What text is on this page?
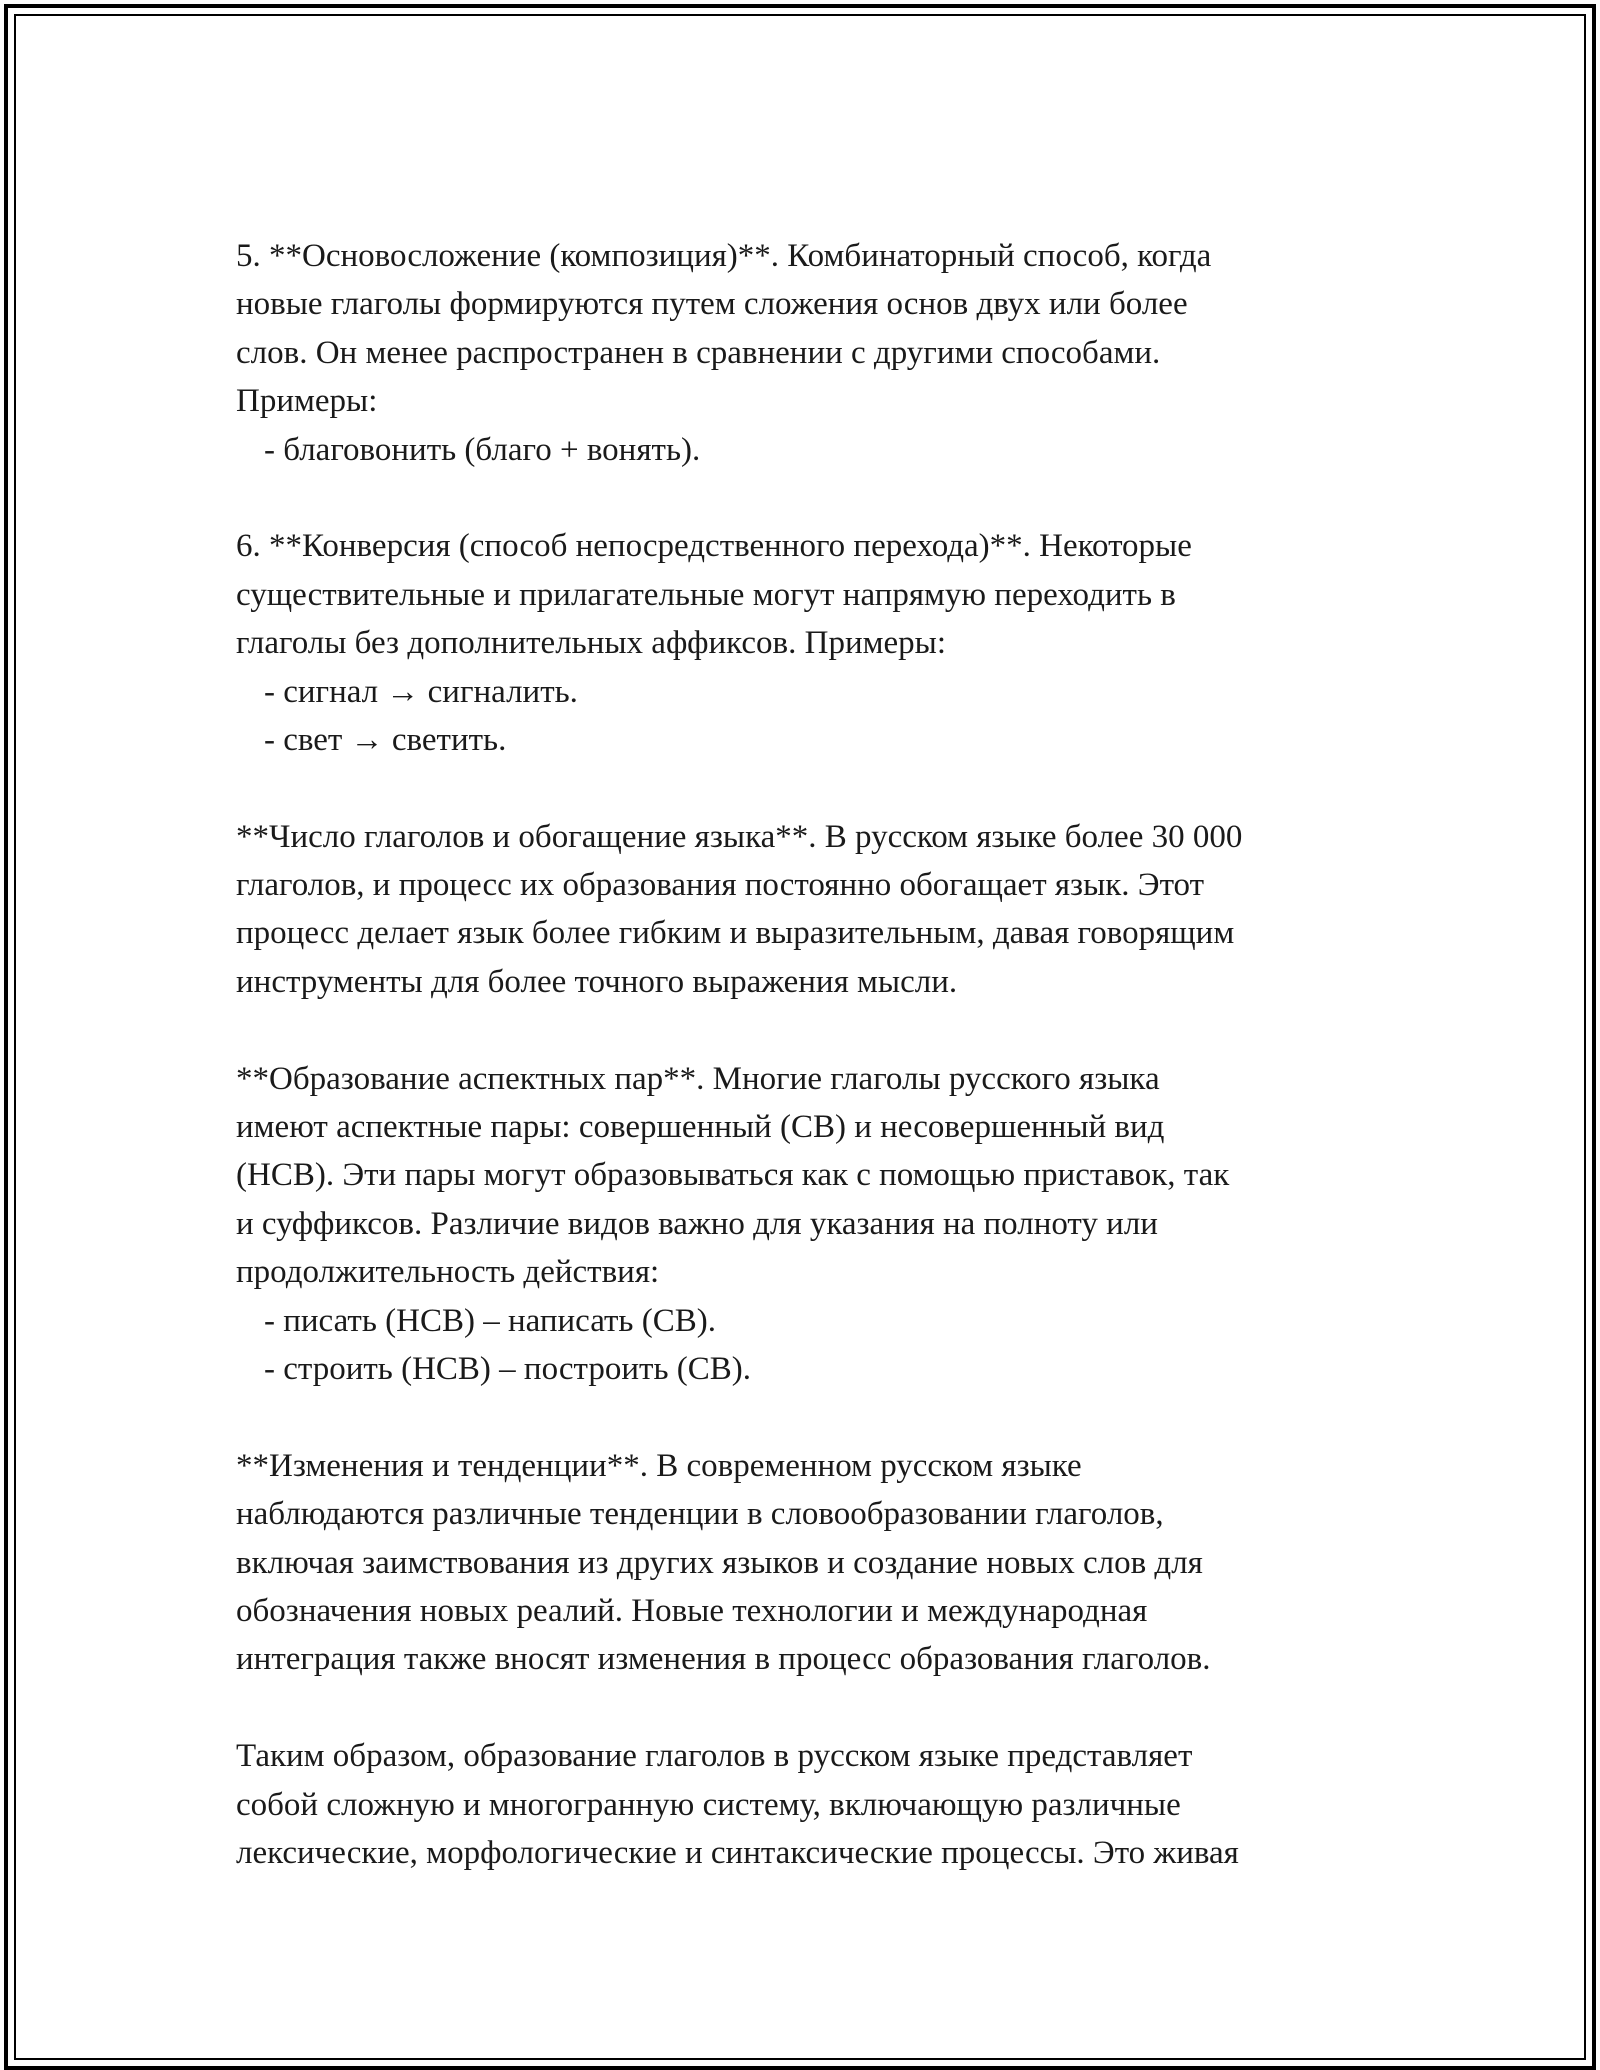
5. **Основосложение (композиция)**. Комбинаторный способ, когда
новые глаголы формируются путем сложения основ двух или более
слов. Он менее распространен в сравнении с другими способами.
Примеры:
- благовонить (благо + вонять).
6. **Конверсия (способ непосредственного перехода)**. Некоторые
существительные и прилагательные могут напрямую переходить в
глаголы без дополнительных аффиксов. Примеры:
- сигнал → сигналить.
- свет → светить.
**Число глаголов и обогащение языка**. В русском языке более 30 000
глаголов, и процесс их образования постоянно обогащает язык. Этот
процесс делает язык более гибким и выразительным, давая говорящим
инструменты для более точного выражения мысли.
**Образование аспектных пар**. Многие глаголы русского языка
имеют аспектные пары: совершенный (СВ) и несовершенный вид
(НСВ). Эти пары могут образовываться как с помощью приставок, так
и суффиксов. Различие видов важно для указания на полноту или
продолжительность действия:
- писать (НСВ) – написать (СВ).
- строить (НСВ) – построить (СВ).
**Изменения и тенденции**. В современном русском языке
наблюдаются различные тенденции в словообразовании глаголов,
включая заимствования из других языков и создание новых слов для
обозначения новых реалий. Новые технологии и международная
интеграция также вносят изменения в процесс образования глаголов.
Таким образом, образование глаголов в русском языке представляет
собой сложную и многогранную систему, включающую различные
лексические, морфологические и синтаксические процессы. Это живая
